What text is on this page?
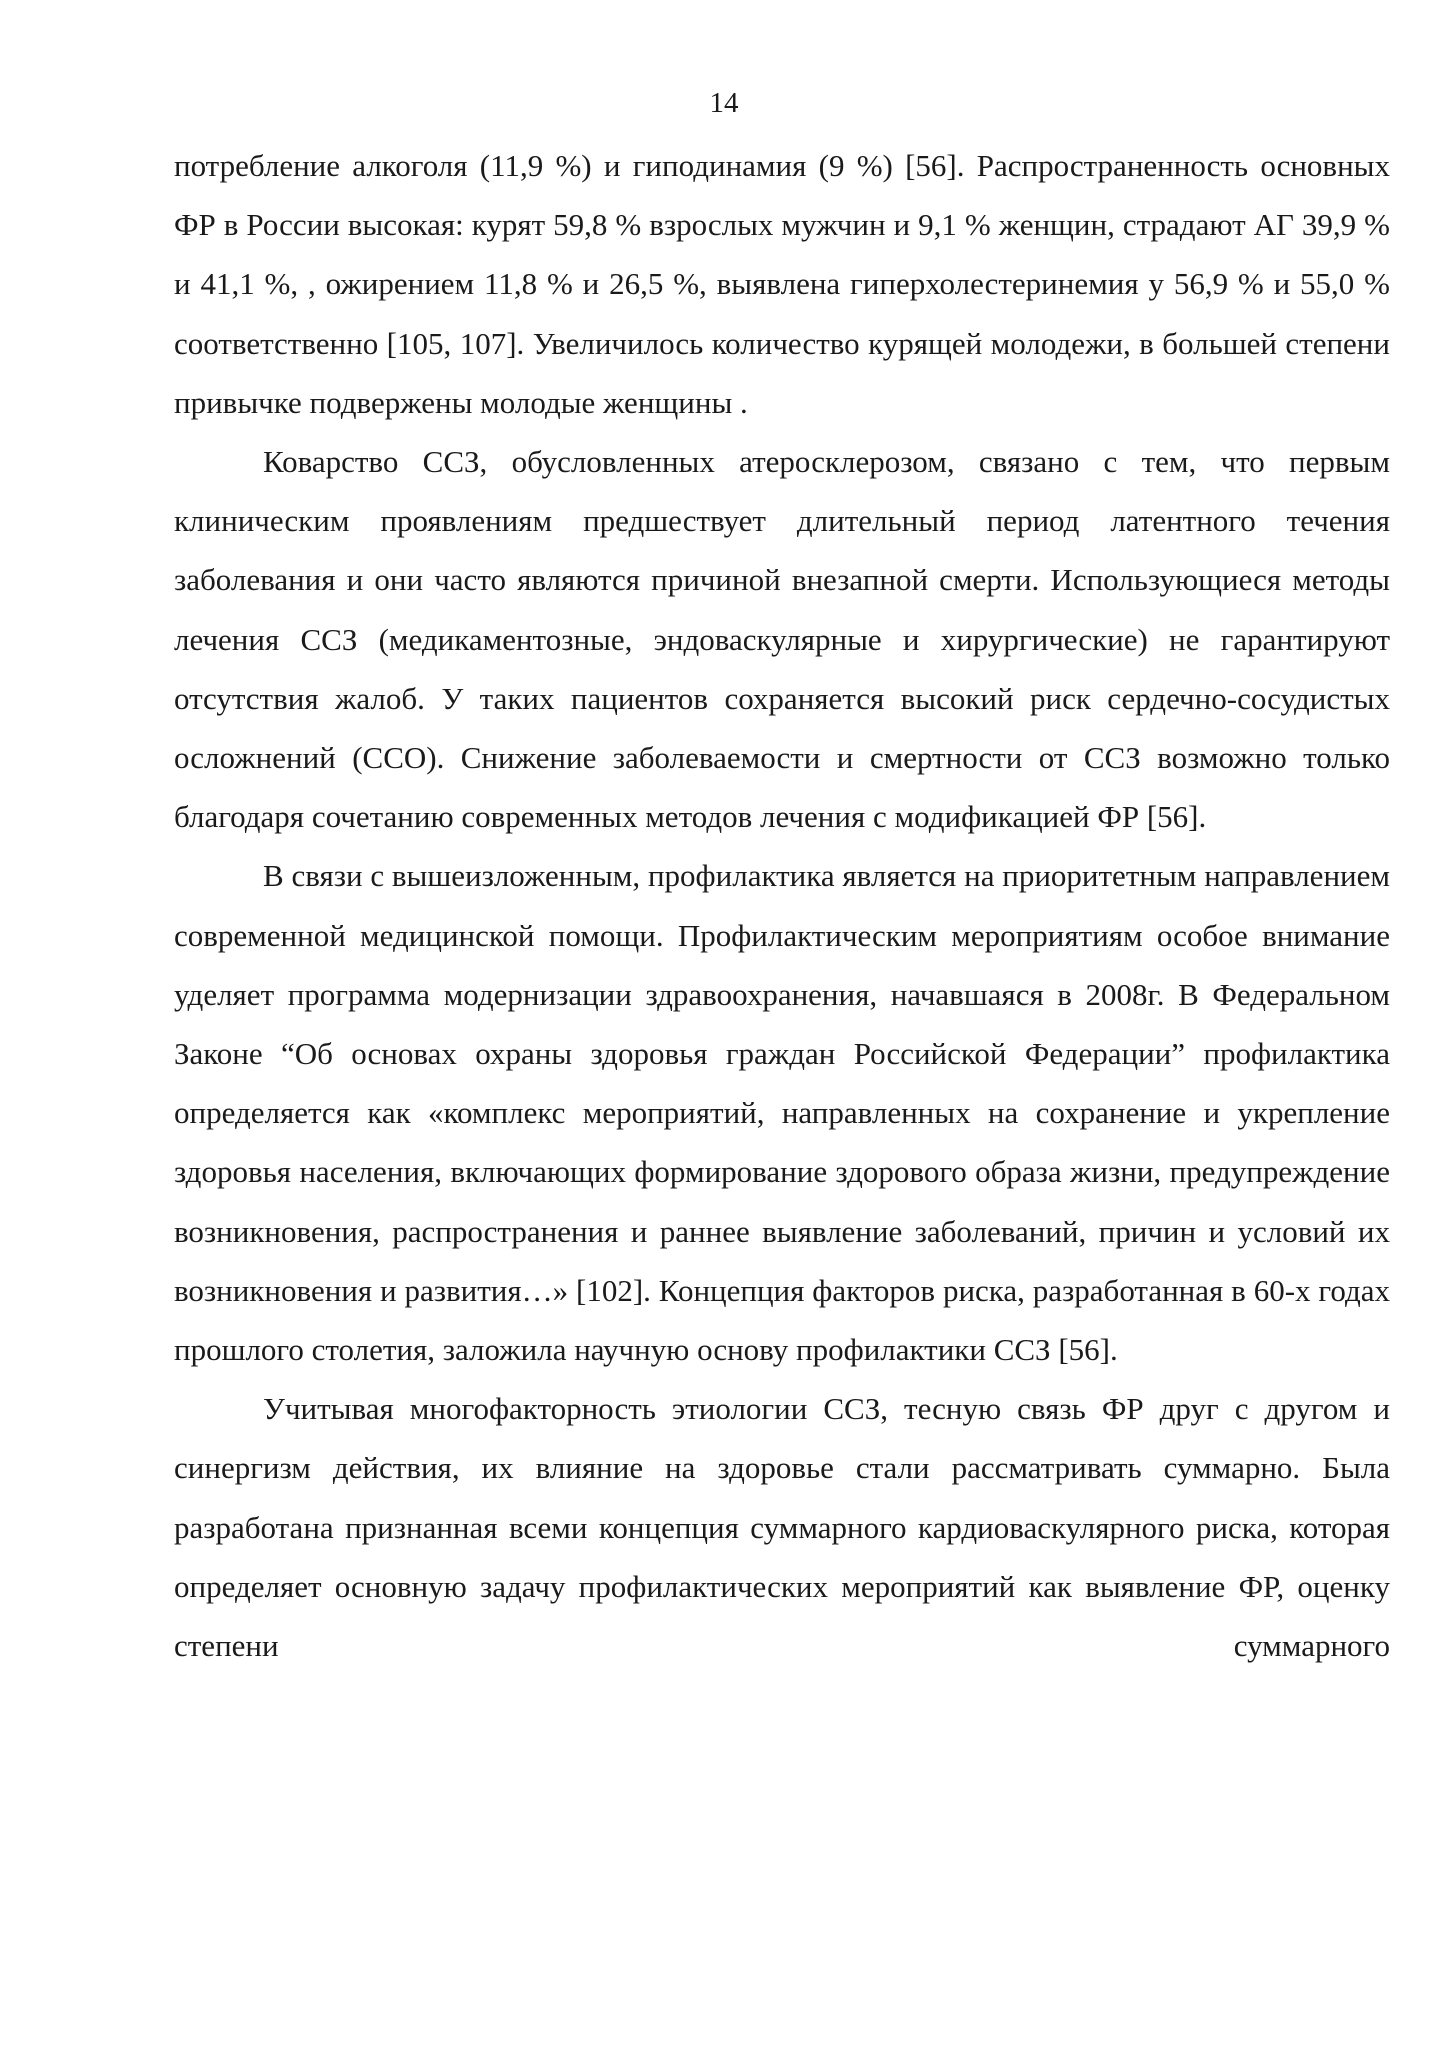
14

потребление алкоголя (11,9 %) и гиподинамия (9 %) [56]. Распространенность основных ФР в России высокая: курят 59,8 % взрослых мужчин и 9,1 % женщин, страдают АГ 39,9 % и 41,1 %, , ожирением 11,8 % и 26,5 %, выявлена гиперхолестеринемия у 56,9 % и 55,0 % соответственно [105, 107]. Увеличилось количество курящей молодежи, в большей степени привычке подвержены молодые женщины .

Коварство ССЗ, обусловленных атеросклерозом, связано с тем, что первым клиническим проявлениям предшествует длительный период латентного течения заболевания и они часто являются причиной внезапной смерти. Использующиеся методы лечения ССЗ (медикаментозные, эндоваскулярные и хирургические) не гарантируют отсутствия жалоб. У таких пациентов сохраняется высокий риск сердечно-сосудистых осложнений (ССО). Снижение заболеваемости и смертности от ССЗ возможно только благодаря сочетанию современных методов лечения с модификацией ФР [56].

В связи с вышеизложенным, профилактика является на приоритетным направлением современной медицинской помощи. Профилактическим мероприятиям особое внимание уделяет программа модернизации здравоохранения, начавшаяся в 2008г. В Федеральном Законе “Об основах охраны здоровья граждан Российской Федерации” профилактика определяется как «комплекс мероприятий, направленных на сохранение и укрепление здоровья населения, включающих формирование здорового образа жизни, предупреждение возникновения, распространения и раннее выявление заболеваний, причин и условий их возникновения и развития…» [102]. Концепция факторов риска, разработанная в 60-х годах прошлого столетия, заложила научную основу профилактики ССЗ [56].

Учитывая многофакторность этиологии ССЗ, тесную связь ФР друг с другом и синергизм действия, их влияние на здоровье стали рассматривать суммарно. Была разработана признанная всеми концепция суммарного кардиоваскулярного риска, которая определяет основную задачу профилактических мероприятий как выявление ФР, оценку степени суммарного
